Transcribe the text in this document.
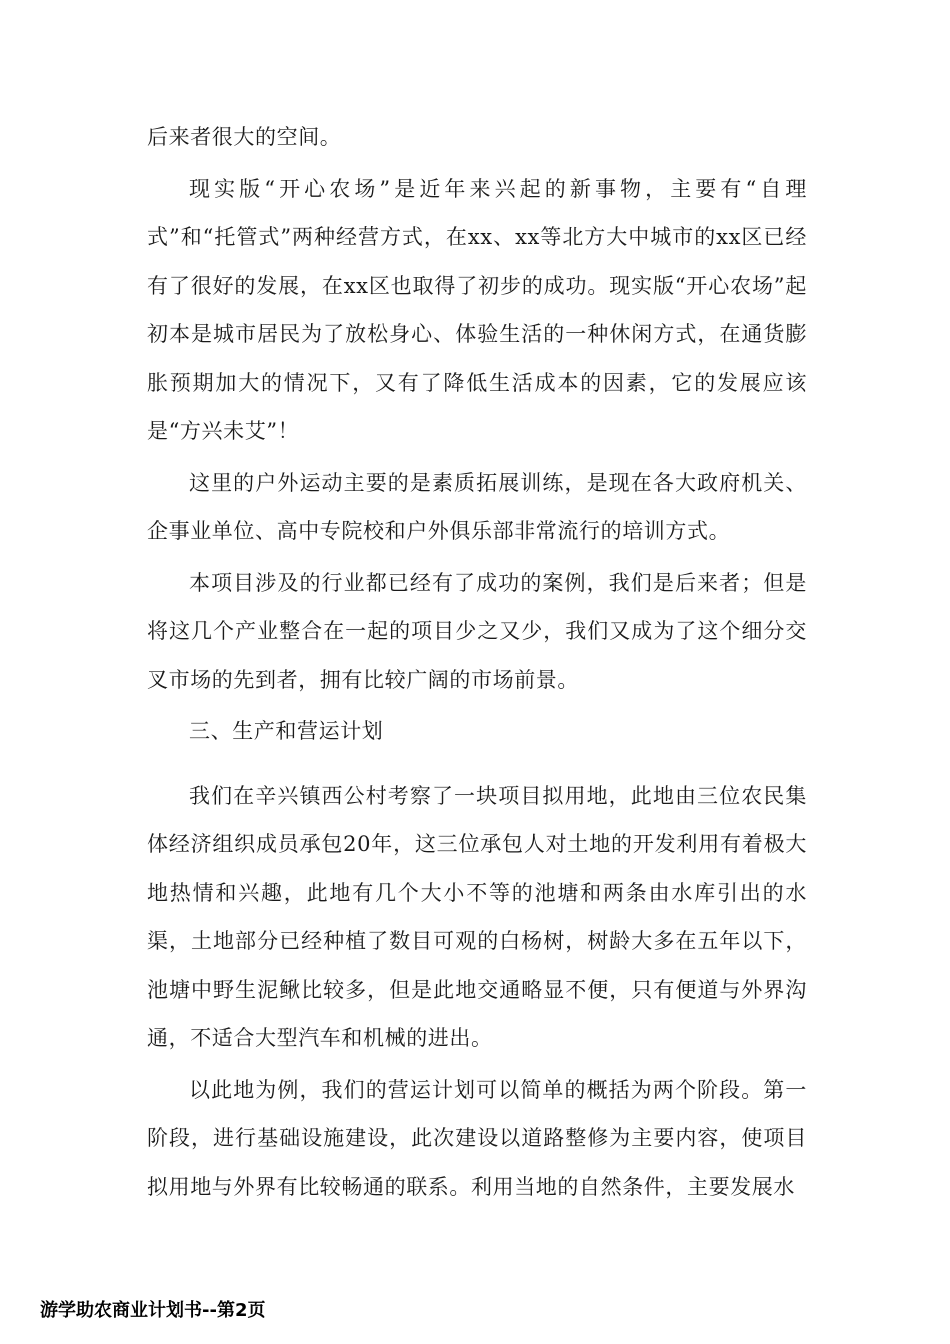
后来者很大的空间。

现实版“开心农场”是近年来兴起的新事物，主要有“自理式”和“托管式”两种经营方式，在xx、xx等北方大中城市的xx区已经有了很好的发展，在xx区也取得了初步的成功。现实版“开心农场”起初本是城市居民为了放松身心、体验生活的一种休闲方式，在通货膨胀预期加大的情况下，又有了降低生活成本的因素，它的发展应该是“方兴未艾”！

这里的户外运动主要的是素质拓展训练，是现在各大政府机关、企事业单位、高中专院校和户外俱乐部非常流行的培训方式。

本项目涉及的行业都已经有了成功的案例，我们是后来者；但是将这几个产业整合在一起的项目少之又少，我们又成为了这个细分交叉市场的先到者，拥有比较广阔的市场前景。

三、生产和营运计划

我们在辛兴镇西公村考察了一块项目拟用地，此地由三位农民集体经济组织成员承包20年，这三位承包人对土地的开发利用有着极大地热情和兴趣，此地有几个大小不等的池塘和两条由水库引出的水渠，土地部分已经种植了数目可观的白杨树，树龄大多在五年以下，池塘中野生泥鳅比较多，但是此地交通略显不便，只有便道与外界沟通，不适合大型汽车和机械的进出。

以此地为例，我们的营运计划可以简单的概括为两个阶段。第一阶段，进行基础设施建设，此次建设以道路整修为主要内容，使项目拟用地与外界有比较畅通的联系。利用当地的自然条件，主要发展水

游学助农商业计划书--第2页
